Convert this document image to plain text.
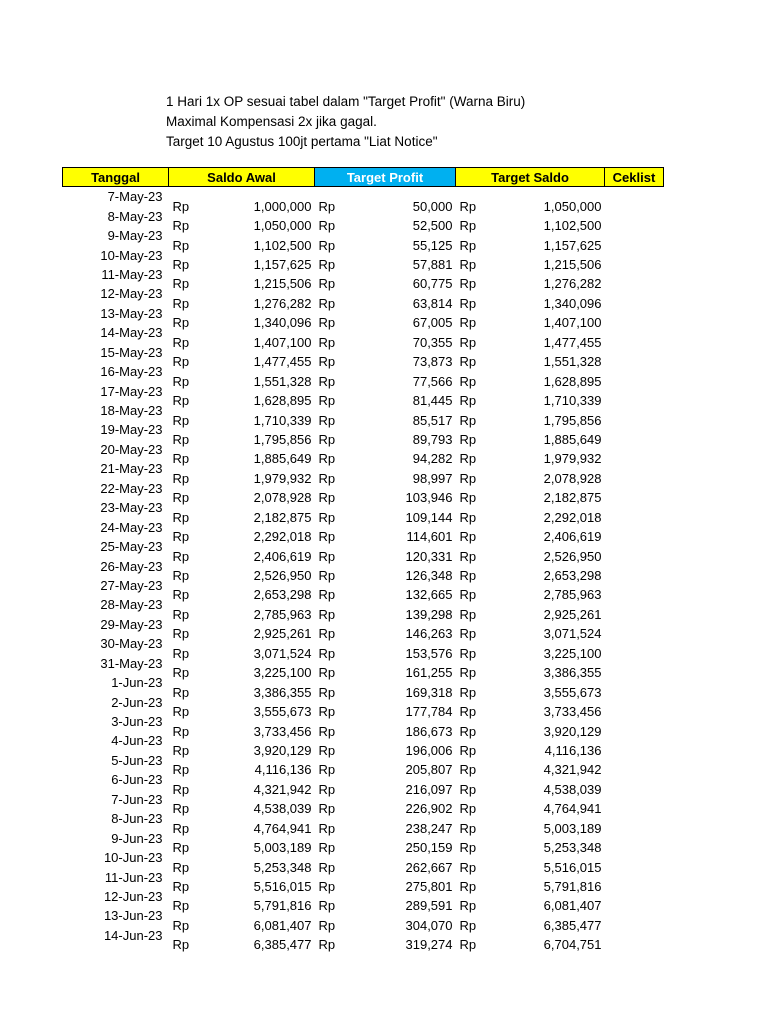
1 Hari 1x OP sesuai tabel dalam "Target Profit" (Warna Biru)
Maximal Kompensasi 2x jika gagal.
Target 10 Agustus 100jt pertama "Liat Notice"
Tanggal	Saldo Awal	Target Profit	Target Saldo	Ceklist
7-May-23	Rp 1,000,000	Rp 50,000	Rp 1,050,000	

8-May-23	Rp 1,050,000	Rp 52,500	Rp 1,102,500	

9-May-23	Rp 1,102,500	Rp 55,125	Rp 1,157,625	

10-May-23	Rp 1,157,625	Rp 57,881	Rp 1,215,506	

11-May-23	Rp 1,215,506	Rp 60,775	Rp 1,276,282	

12-May-23	Rp 1,276,282	Rp 63,814	Rp 1,340,096	

13-May-23	Rp 1,340,096	Rp 67,005	Rp 1,407,100	

14-May-23	Rp 1,407,100	Rp 70,355	Rp 1,477,455	

15-May-23	Rp 1,477,455	Rp 73,873	Rp 1,551,328	

16-May-23	Rp 1,551,328	Rp 77,566	Rp 1,628,895	

17-May-23	Rp 1,628,895	Rp 81,445	Rp 1,710,339	

18-May-23	Rp 1,710,339	Rp 85,517	Rp 1,795,856	

19-May-23	Rp 1,795,856	Rp 89,793	Rp 1,885,649	

20-May-23	Rp 1,885,649	Rp 94,282	Rp 1,979,932	

21-May-23	Rp 1,979,932	Rp 98,997	Rp 2,078,928	

22-May-23	Rp 2,078,928	Rp 103,946	Rp 2,182,875	

23-May-23	Rp 2,182,875	Rp 109,144	Rp 2,292,018	

24-May-23	Rp 2,292,018	Rp 114,601	Rp 2,406,619	

25-May-23	Rp 2,406,619	Rp 120,331	Rp 2,526,950	

26-May-23	Rp 2,526,950	Rp 126,348	Rp 2,653,298	

27-May-23	Rp 2,653,298	Rp 132,665	Rp 2,785,963	

28-May-23	Rp 2,785,963	Rp 139,298	Rp 2,925,261	

29-May-23	Rp 2,925,261	Rp 146,263	Rp 3,071,524	

30-May-23	Rp 3,071,524	Rp 153,576	Rp 3,225,100	

31-May-23	Rp 3,225,100	Rp 161,255	Rp 3,386,355	

1-Jun-23	Rp 3,386,355	Rp 169,318	Rp 3,555,673	

2-Jun-23	Rp 3,555,673	Rp 177,784	Rp 3,733,456	

3-Jun-23	Rp 3,733,456	Rp 186,673	Rp 3,920,129	

4-Jun-23	Rp 3,920,129	Rp 196,006	Rp 4,116,136	

5-Jun-23	Rp 4,116,136	Rp 205,807	Rp 4,321,942	

6-Jun-23	Rp 4,321,942	Rp 216,097	Rp 4,538,039	

7-Jun-23	Rp 4,538,039	Rp 226,902	Rp 4,764,941	

8-Jun-23	Rp 4,764,941	Rp 238,247	Rp 5,003,189	

9-Jun-23	Rp 5,003,189	Rp 250,159	Rp 5,253,348	

10-Jun-23	Rp 5,253,348	Rp 262,667	Rp 5,516,015	

11-Jun-23	Rp 5,516,015	Rp 275,801	Rp 5,791,816	

12-Jun-23	Rp 5,791,816	Rp 289,591	Rp 6,081,407	

13-Jun-23	Rp 6,081,407	Rp 304,070	Rp 6,385,477	

14-Jun-23	Rp 6,385,477	Rp 319,274	Rp 6,704,751	
